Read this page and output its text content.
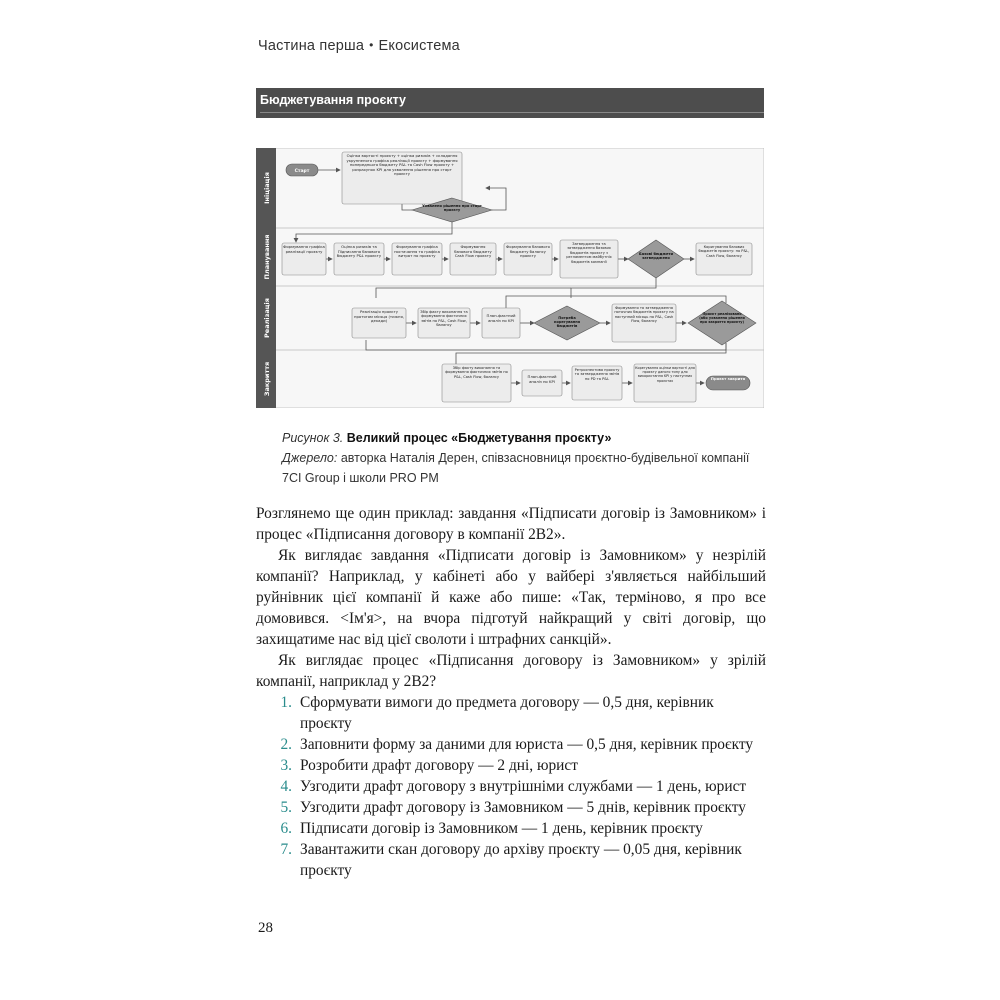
Частина перша • Екосистема
Бюджетування проєкту
Ініціація
Планування
Реалізація
Закриття
Старт
Оцінка вартості проєкту + оцінка ризиків + складання укрупненого графіка реалізації проєкту + формування попереднього бюджету P&L та Cash Flow проєкту + розрахунок KPI для ухвалення рішення про старт проєкту
Ухвалено рішення про старт проєкту
Формування графіка реалізації проєкту
Оцінка ризиків та Підписання базового бюджету P&L проєкту
Формування графіка постачання та графіка витрат по проєкту
Формування базового бюджету Cash Flow проєкту
Формування базового бюджету балансу проєкту
Затвердження та затвердження базових бюджетів проєкту з регламентом майбутніх бюджетів компанії
Базові бюджети затверджено
Коригування базових бюджетів проєкту: по P&L, Cash Flow, балансу
Реалізація проєкту протягом місяця (тижня, декади)
Збір факту виконання та формування фактичних звітів по P&L, Cash Flow, балансу
План-фактний аналіз по KPI	Потреба корегування бюджетів
Формування та затвердження поточних бюджетів проєкту на наступний місяць по P&L, Cash Flow, балансу
Проєкт реалізовано (або ухвалено рішення про закриття проєкту)
Збір факту виконання та формування фактичних звітів по P&L, Cash Flow, балансу	План-фактний аналіз по KPI
Ретроспектива проєкту та затвердження звітів по PD та P&L
Корегування оцінки вартості для проєкту даного типу для використання KPI у наступних проєктах	Проєкт закрито
Рисунок 3. Великий процес «Бюджетування проєкту»
Джерело: авторка Наталія Дерен, співзасновниця проєктно-будівельної компанії 7CI Group і школи PRO PM

Розглянемо ще один приклад: завдання «Підписати договір із Замовником» і процес «Підписання договору в компанії 2B2».

Як виглядає завдання «Підписати договір із Замовником» у незрілій компанії? Наприклад, у кабінеті або у вайбері з'являється найбільший руйнівник цієї компанії й каже або пише: «Так, терміново, я про все домовився. <Ім'я>, на вчора підготуй найкращий у світі договір, що захищатиме нас від цієї сволоти і штрафних санкцій».

Як виглядає процес «Підписання договору із Замовником» у зрілій компанії, наприклад у 2B2?

1. Сформувати вимоги до предмета договору — 0,5 дня, керівник проєкту
2. Заповнити форму за даними для юриста — 0,5 дня, керівник проєкту
3. Розробити драфт договору — 2 дні, юрист
4. Узгодити драфт договору з внутрішніми службами — 1 день, юрист
5. Узгодити драфт договору із Замовником — 5 днів, керівник проєкту
6. Підписати договір із Замовником — 1 день, керівник проєкту
7. Завантажити скан договору до архіву проєкту — 0,05 дня, керівник проєкту
28
